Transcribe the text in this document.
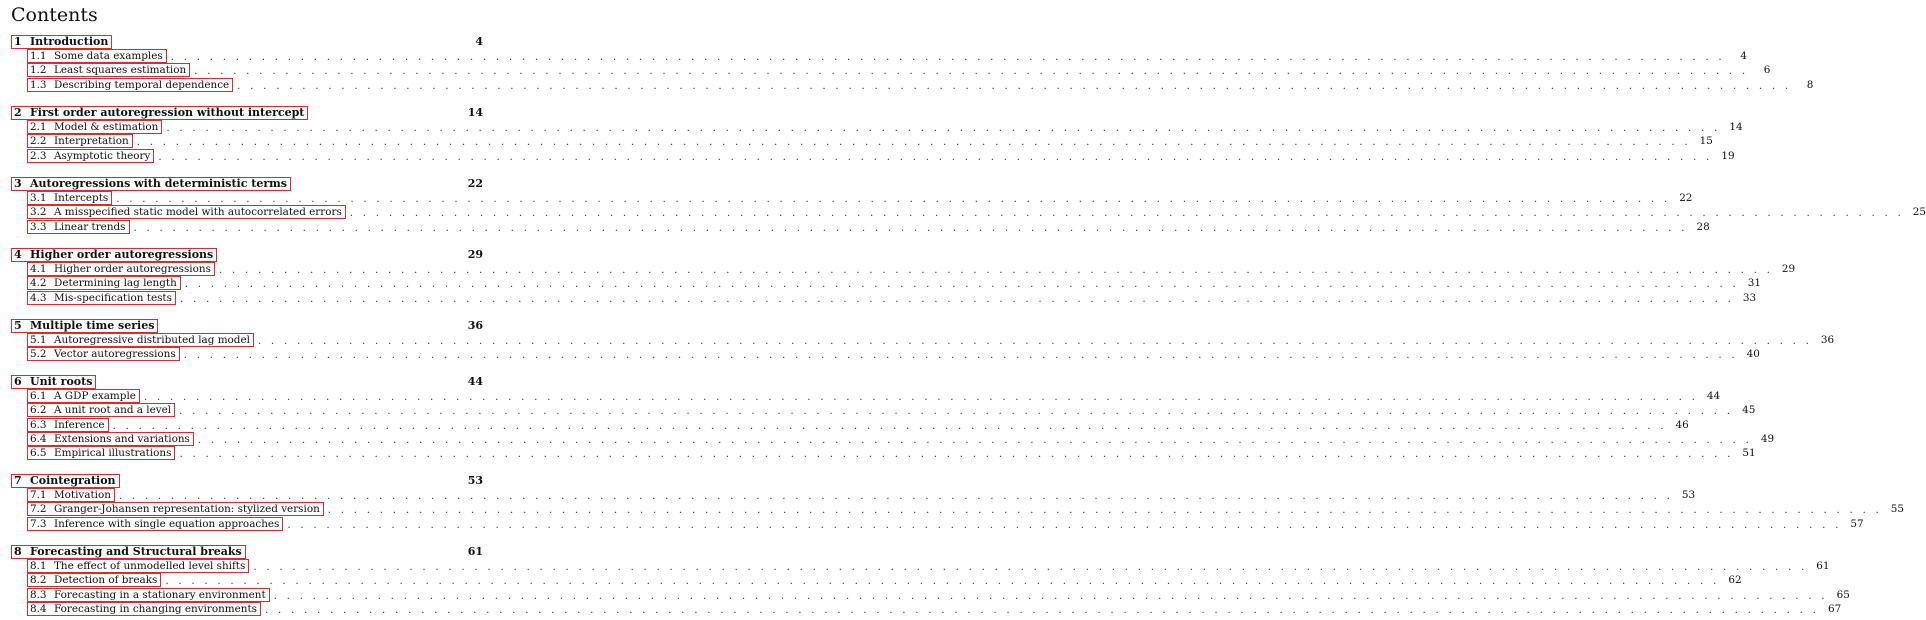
Contents
1 Introduction	4
1.1 Some data examples . . . . . . . . . . . . . . . . . . . . . . . . . . . . . . . . . . . . . . . . . . . . . . . . . . . . . . . . . . . . . . . . . . . . . . . . . . . . . . . . . . . . . . . . . . . . . . . . . . . . . . . . . . . . . . . . . . . . . . . .	4
1.2 Least squares estimation . . . . . . . . . . . . . . . . . . . . . . . . . . . . . . . . . . . . . . . . . . . . . . . . . . . . . . . . . . . . . . . . . . . . . . . . . . . . . . . . . . . . . . . . . . . . . . . . . . . . . . . . . . . . . . . . . . . . . . . .	6
1.3 Describing temporal dependence . . . . . . . . . . . . . . . . . . . . . . . . . . . . . . . . . . . . . . . . . . . . . . . . . . . . . . . . . . . . . . . . . . . . . . . . . . . . . . . . . . . . . . . . . . . . . . . . . . . . . . . . . . . . . . . . . . . . . . . .	8
2 First order autoregression without intercept	14
2.1 Model & estimation . . . . . . . . . . . . . . . . . . . . . . . . . . . . . . . . . . . . . . . . . . . . . . . . . . . . . . . . . . . . . . . . . . . . . . . . . . . . . . . . . . . . . . . . . . . . . . . . . . . . . . . . . . . . . . . . . . . . . . . . 14
2.2 Interpretation . . . . . . . . . . . . . . . . . . . . . . . . . . . . . . . . . . . . . . . . . . . . . . . . . . . . . . . . . . . . . . . . . . . . . . . . . . . . . . . . . . . . . . . . . . . . . . . . . . . . . . . . . . . . . . . . . . . . . . . . 15
2.3 Asymptotic theory . . . . . . . . . . . . . . . . . . . . . . . . . . . . . . . . . . . . . . . . . . . . . . . . . . . . . . . . . . . . . . . . . . . . . . . . . . . . . . . . . . . . . . . . . . . . . . . . . . . . . . . . . . . . . . . . . . . . . . . . 19
3 Autoregressions with deterministic terms	22
3.1 Intercepts . . . . . . . . . . . . . . . . . . . . . . . . . . . . . . . . . . . . . . . . . . . . . . . . . . . . . . . . . . . . . . . . . . . . . . . . . . . . . . . . . . . . . . . . . . . . . . . . . . . . . . . . . . . . . . . . . . . . . . . . 22
3.2 A misspecified static model with autocorrelated errors . . . . . . . . . . . . . . . . . . . . . . . . . . . . . . . . . . . . . . . . . . . . . . . . . . . . . . . . . . . . . . . . . . . . . . . . . . . . . . . . . . . . . . . . . . . . . . . . . . . . . . . . . . . . . . . . . . . . . . . . 25
3.3 Linear trends . . . . . . . . . . . . . . . . . . . . . . . . . . . . . . . . . . . . . . . . . . . . . . . . . . . . . . . . . . . . . . . . . . . . . . . . . . . . . . . . . . . . . . . . . . . . . . . . . . . . . . . . . . . . . . . . . . . . . . . . 28
4 Higher order autoregressions	29
4.1 Higher order autoregressions . . . . . . . . . . . . . . . . . . . . . . . . . . . . . . . . . . . . . . . . . . . . . . . . . . . . . . . . . . . . . . . . . . . . . . . . . . . . . . . . . . . . . . . . . . . . . . . . . . . . . . . . . . . . . . . . . . . . . . . . 29
4.2 Determining lag length . . . . . . . . . . . . . . . . . . . . . . . . . . . . . . . . . . . . . . . . . . . . . . . . . . . . . . . . . . . . . . . . . . . . . . . . . . . . . . . . . . . . . . . . . . . . . . . . . . . . . . . . . . . . . . . . . . . . . . . . 31
4.3 Mis-specification tests . . . . . . . . . . . . . . . . . . . . . . . . . . . . . . . . . . . . . . . . . . . . . . . . . . . . . . . . . . . . . . . . . . . . . . . . . . . . . . . . . . . . . . . . . . . . . . . . . . . . . . . . . . . . . . . . . . . . . . . . 33
5 Multiple time series	36
5.1 Autoregressive distributed lag model . . . . . . . . . . . . . . . . . . . . . . . . . . . . . . . . . . . . . . . . . . . . . . . . . . . . . . . . . . . . . . . . . . . . . . . . . . . . . . . . . . . . . . . . . . . . . . . . . . . . . . . . . . . . . . . . . . . . . . . . 36
5.2 Vector autoregressions . . . . . . . . . . . . . . . . . . . . . . . . . . . . . . . . . . . . . . . . . . . . . . . . . . . . . . . . . . . . . . . . . . . . . . . . . . . . . . . . . . . . . . . . . . . . . . . . . . . . . . . . . . . . . . . . . . . . . . . . 40
6 Unit roots	44
6.1 A GDP example . . . . . . . . . . . . . . . . . . . . . . . . . . . . . . . . . . . . . . . . . . . . . . . . . . . . . . . . . . . . . . . . . . . . . . . . . . . . . . . . . . . . . . . . . . . . . . . . . . . . . . . . . . . . . . . . . . . . . . . . 44
6.2 A unit root and a level . . . . . . . . . . . . . . . . . . . . . . . . . . . . . . . . . . . . . . . . . . . . . . . . . . . . . . . . . . . . . . . . . . . . . . . . . . . . . . . . . . . . . . . . . . . . . . . . . . . . . . . . . . . . . . . . . . . . . . . . 45
6.3 Inference . . . . . . . . . . . . . . . . . . . . . . . . . . . . . . . . . . . . . . . . . . . . . . . . . . . . . . . . . . . . . . . . . . . . . . . . . . . . . . . . . . . . . . . . . . . . . . . . . . . . . . . . . . . . . . . . . . . . . . . . 46
6.4 Extensions and variations . . . . . . . . . . . . . . . . . . . . . . . . . . . . . . . . . . . . . . . . . . . . . . . . . . . . . . . . . . . . . . . . . . . . . . . . . . . . . . . . . . . . . . . . . . . . . . . . . . . . . . . . . . . . . . . . . . . . . . . . 49
6.5 Empirical illustrations . . . . . . . . . . . . . . . . . . . . . . . . . . . . . . . . . . . . . . . . . . . . . . . . . . . . . . . . . . . . . . . . . . . . . . . . . . . . . . . . . . . . . . . . . . . . . . . . . . . . . . . . . . . . . . . . . . . . . . . . 51
7 Cointegration	53
7.1 Motivation . . . . . . . . . . . . . . . . . . . . . . . . . . . . . . . . . . . . . . . . . . . . . . . . . . . . . . . . . . . . . . . . . . . . . . . . . . . . . . . . . . . . . . . . . . . . . . . . . . . . . . . . . . . . . . . . . . . . . . . . 53
7.2 Granger-Johansen representation: stylized version . . . . . . . . . . . . . . . . . . . . . . . . . . . . . . . . . . . . . . . . . . . . . . . . . . . . . . . . . . . . . . . . . . . . . . . . . . . . . . . . . . . . . . . . . . . . . . . . . . . . . . . . . . . . . . . . . . . . . . . . 55
7.3 Inference with single equation approaches . . . . . . . . . . . . . . . . . . . . . . . . . . . . . . . . . . . . . . . . . . . . . . . . . . . . . . . . . . . . . . . . . . . . . . . . . . . . . . . . . . . . . . . . . . . . . . . . . . . . . . . . . . . . . . . . . . . . . . . . 57
8 Forecasting and Structural breaks	61
8.1 The effect of unmodelled level shifts . . . . . . . . . . . . . . . . . . . . . . . . . . . . . . . . . . . . . . . . . . . . . . . . . . . . . . . . . . . . . . . . . . . . . . . . . . . . . . . . . . . . . . . . . . . . . . . . . . . . . . . . . . . . . . . . . . . . . . . . 61
8.2 Detection of breaks . . . . . . . . . . . . . . . . . . . . . . . . . . . . . . . . . . . . . . . . . . . . . . . . . . . . . . . . . . . . . . . . . . . . . . . . . . . . . . . . . . . . . . . . . . . . . . . . . . . . . . . . . . . . . . . . . . . . . . . . 62
8.3 Forecasting in a stationary environment . . . . . . . . . . . . . . . . . . . . . . . . . . . . . . . . . . . . . . . . . . . . . . . . . . . . . . . . . . . . . . . . . . . . . . . . . . . . . . . . . . . . . . . . . . . . . . . . . . . . . . . . . . . . . . . . . . . . . . . . 65
8.4 Forecasting in changing environments . . . . . . . . . . . . . . . . . . . . . . . . . . . . . . . . . . . . . . . . . . . . . . . . . . . . . . . . . . . . . . . . . . . . . . . . . . . . . . . . . . . . . . . . . . . . . . . . . . . . . . . . . . . . . . . . . . . . . . . . 67
